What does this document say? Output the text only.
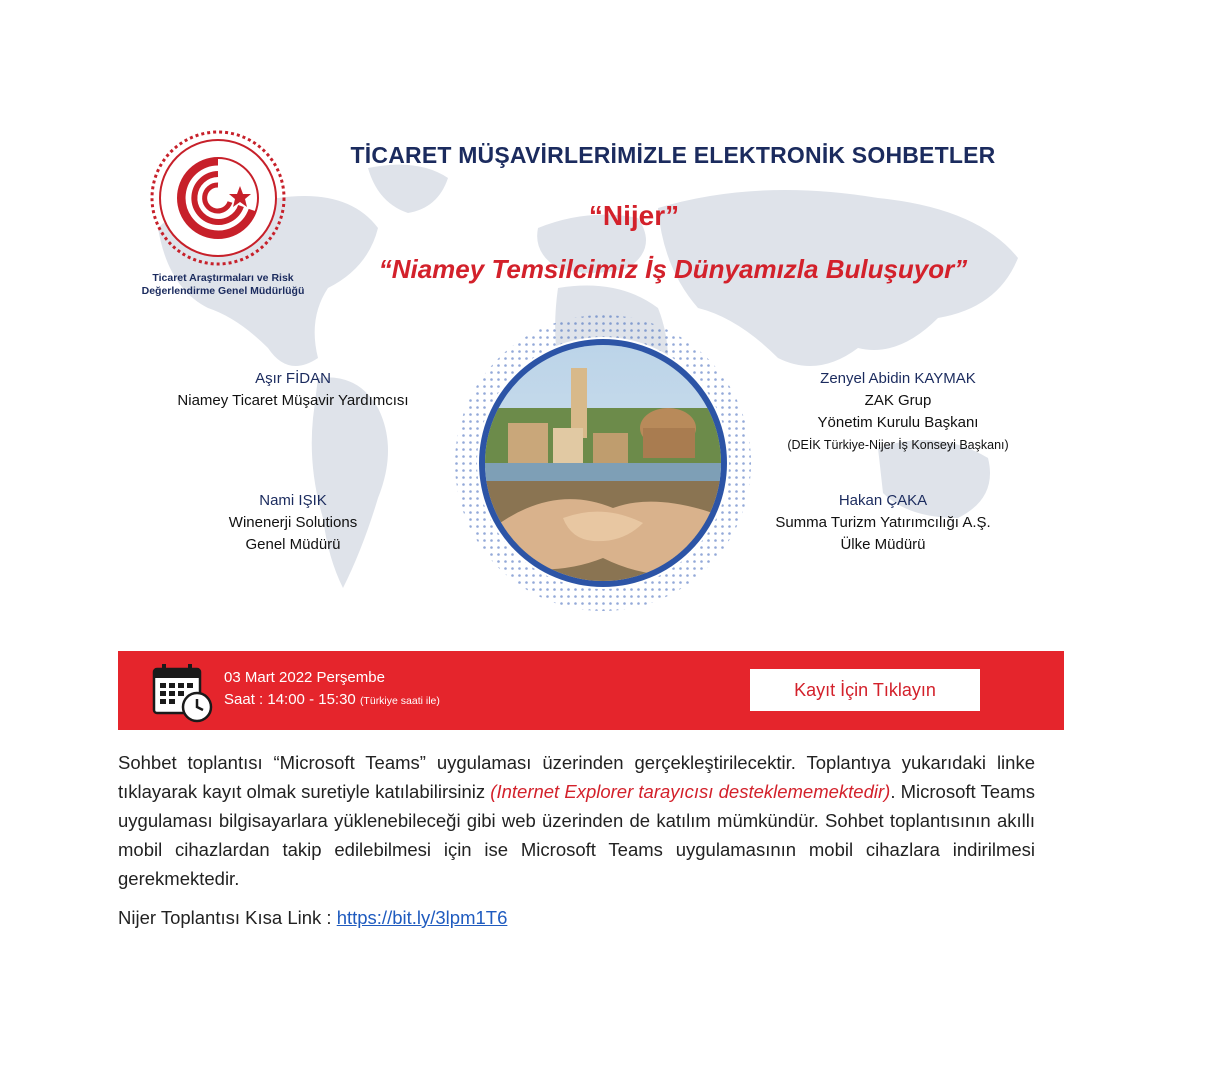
Ticaret Araştırmaları ve Risk
Değerlendirme Genel Müdürlüğü
TİCARET MÜŞAVİRLERİMİZLE ELEKTRONİK SOHBETLER
“Nijer”
“Niamey Temsilcimiz İş Dünyamızla Buluşuyor”
Aşır FİDAN
Niamey Ticaret Müşavir Yardımcısı
Nami IŞIK
Winenerji Solutions
Genel Müdürü
Zenyel Abidin KAYMAK
ZAK Grup
Yönetim Kurulu Başkanı
(DEİK Türkiye-Nijer İş Konseyi Başkanı)
Hakan ÇAKA
Summa Turizm Yatırımcılığı A.Ş.
Ülke Müdürü
03 Mart 2022 Perşembe
Saat : 14:00 - 15:30 (Türkiye saati ile)
Kayıt İçin Tıklayın

Sohbet toplantısı “Microsoft Teams” uygulaması üzerinden gerçekleştirilecektir. Toplantıya yukarıdaki linke tıklayarak kayıt olmak suretiyle katılabilirsiniz (Internet Explorer tarayıcısı desteklememektedir). Microsoft Teams uygulaması bilgisayarlara yüklenebileceği gibi web üzerinden de katılım mümkündür. Sohbet toplantısının akıllı mobil cihazlardan takip edilebilmesi için ise Microsoft Teams uygulamasının mobil cihazlara indirilmesi gerekmektedir.

Nijer Toplantısı Kısa Link : https://bit.ly/3lpm1T6
